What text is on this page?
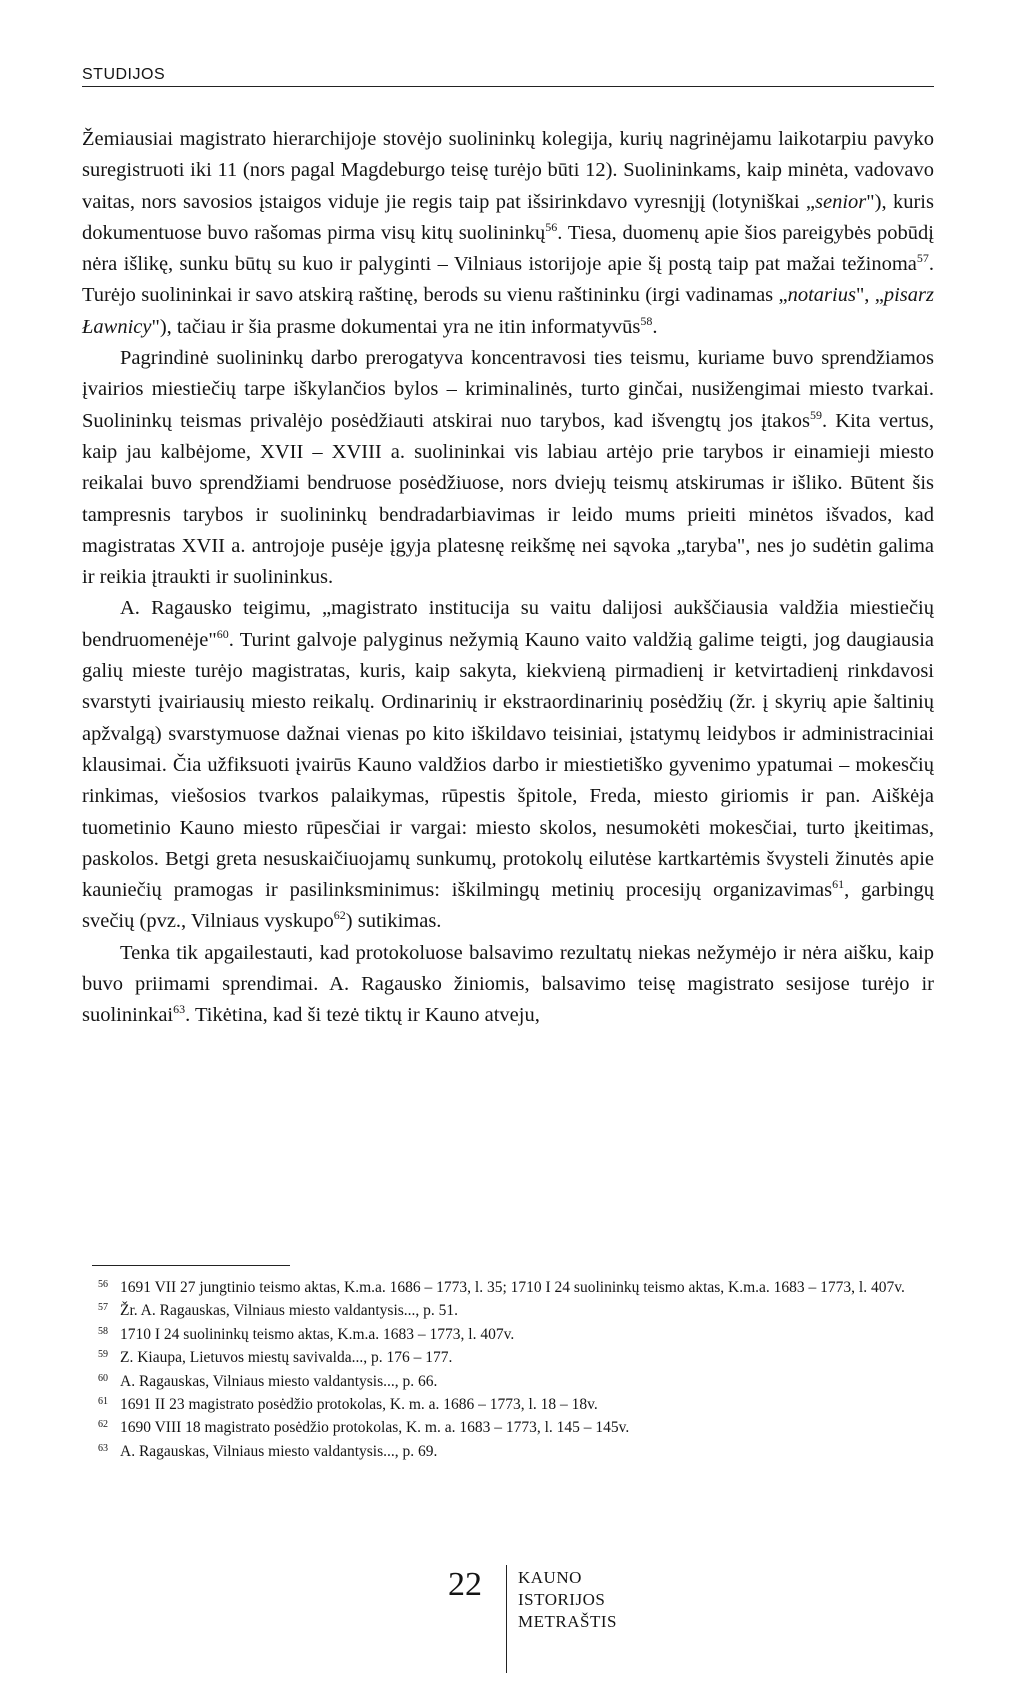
STUDIJOS

Žemiausiai magistrato hierarchijoje stovėjo suolininkų kolegija, kurių nagrinėjamu laikotarpiu pavyko suregistruoti iki 11 (nors pagal Magdeburgo teisę turėjo būti 12). Suolininkams, kaip minėta, vadovavo vaitas, nors savosios įstaigos viduje jie regis taip pat išsirinkdavo vyresnįjį (lotyniškai „senior"), kuris dokumentuose buvo rašomas pirma visų kitų suolininkų$^{56}$. Tiesa, duomenų apie šios pareigybės pobūdį nėra išlikę, sunku būtų su kuo ir palyginti – Vilniaus istorijoje apie šį postą taip pat mažai težinoma$^{57}$. Turėjo suolininkai ir savo atskirą raštinę, berods su vienu raštininku (irgi vadinamas „notarius", „pisarz Ławnicy"), tačiau ir šia prasme dokumentai yra ne itin informatyvūs$^{58}$.

Pagrindinė suolininkų darbo prerogatyva koncentravosi ties teismu, kuriame buvo sprendžiamos įvairios miestiečių tarpe iškylančios bylos – kriminalinės, turto ginčai, nusižengimai miesto tvarkai. Suolininkų teismas privalėjo posėdžiauti atskirai nuo tarybos, kad išvengtų jos įtakos$^{59}$. Kita vertus, kaip jau kalbėjome, XVII – XVIII a. suolininkai vis labiau artėjo prie tarybos ir einamieji miesto reikalai buvo sprendžiami bendruose posėdžiuose, nors dviejų teismų atskirumas ir išliko. Būtent šis tampresnis tarybos ir suolininkų bendradarbiavimas ir leido mums prieiti minėtos išvados, kad magistratas XVII a. antrojoje pusėje įgyja platesnę reikšmę nei sąvoka „taryba", nes jo sudėtin galima ir reikia įtraukti ir suolininkus.

A. Ragausko teigimu, „magistrato institucija su vaitu dalijosi aukščiausia valdžia miestiečių bendruomenėje"$^{60}$. Turint galvoje palyginus nežymią Kauno vaito valdžią galime teigti, jog daugiausia galių mieste turėjo magistratas, kuris, kaip sakyta, kiekvieną pirmadienį ir ketvirtadienį rinkdavosi svarstyti įvairiausių miesto reikalų. Ordinarinių ir ekstraordinarinių posėdžių (žr. į skyrių apie šaltinių apžvalgą) svarstymuose dažnai vienas po kito iškildavo teisiniai, įstatymų leidybos ir administraciniai klausimai. Čia užfiksuoti įvairūs Kauno valdžios darbo ir miestietiško gyvenimo ypatumai – mokesčių rinkimas, viešosios tvarkos palaikymas, rūpestis špitole, Freda, miesto giriomis ir pan. Aiškėja tuometinio Kauno miesto rūpesčiai ir vargai: miesto skolos, nesumokėti mokesčiai, turto įkeitimas, paskolos. Betgi greta nesuskaičiuojamų sunkumų, protokolų eilutėse kartkartėmis švysteli žinutės apie kauniečių pramogas ir pasilinksminimus: iškilmingų metinių procesijų organizavimas$^{61}$, garbingų svečių (pvz., Vilniaus vyskupo$^{62}$) sutikimas.

Tenka tik apgailestauti, kad protokoluose balsavimo rezultatų niekas nežymėjo ir nėra aišku, kaip buvo priimami sprendimai. A. Ragausko žiniomis, balsavimo teisę magistrato sesijose turėjo ir suolininkai$^{63}$. Tikėtina, kad ši tezė tiktų ir Kauno atveju,

56 1691 VII 27 jungtinio teismo aktas, K.m.a. 1686 – 1773, l. 35; 1710 I 24 suolininkų teismo aktas, K.m.a. 1683 – 1773, l. 407v.
57 Žr. A. Ragauskas, Vilniaus miesto valdantysis..., p. 51.
58 1710 I 24 suolininkų teismo aktas, K.m.a. 1683 – 1773, l. 407v.
59 Z. Kiaupa, Lietuvos miestų savivalda..., p. 176 – 177.
60 A. Ragauskas, Vilniaus miesto valdantysis..., p. 66.
61 1691 II 23 magistrato posėdžio protokolas, K. m. a. 1686 – 1773, l. 18 – 18v.
62 1690 VIII 18 magistrato posėdžio protokolas, K. m. a. 1683 – 1773, l. 145 – 145v.
63 A. Ragauskas, Vilniaus miesto valdantysis..., p. 69.
22 KAUNO
ISTORIJOS
METRAŠTIS
